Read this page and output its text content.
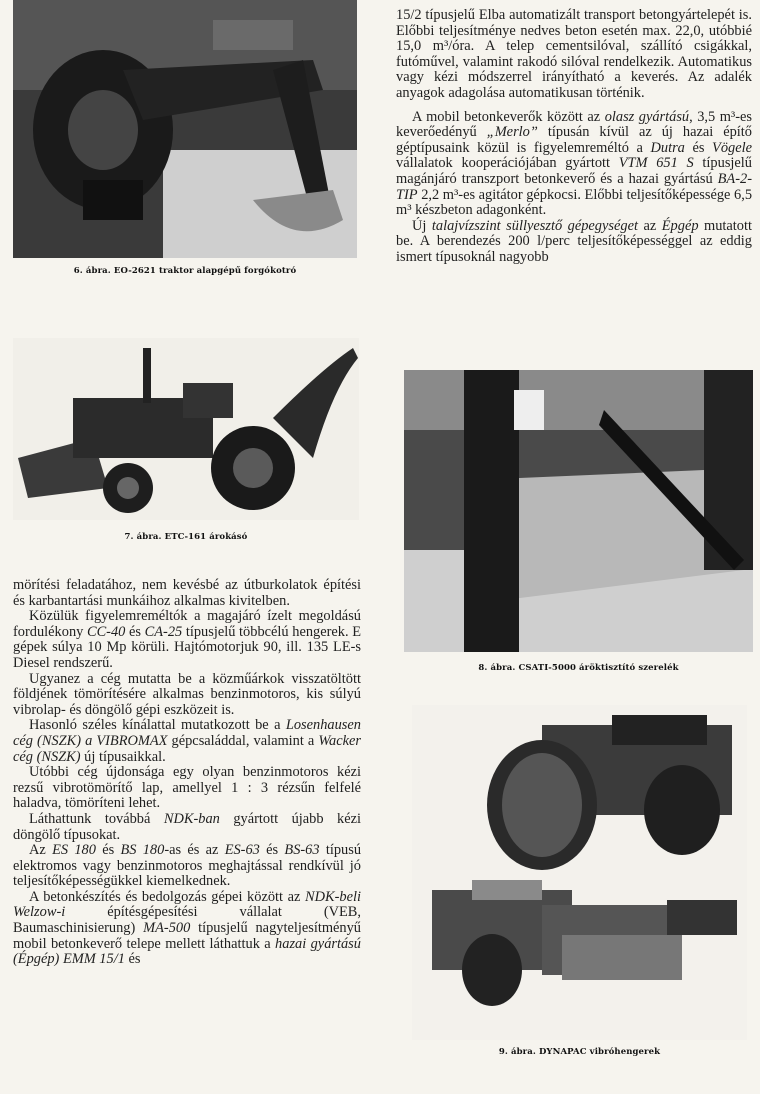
6. ábra. EO-2621 traktor alapgépű forgókotró
7. ábra. ETC-161 árokásó
8. ábra. CSATI-5000 áröktisztító szerelék
9. ábra. DYNAPAC vibróhengerek

15/2 típusjelű Elba automatizált transport betongyártelepét is. Előbbi teljesítménye nedves beton esetén max. 22,0, utóbbié 15,0 m³/óra. A telep cementsilóval, szállító csigákkal, futóművel, valamint rakodó silóval rendelkezik. Automatikus vagy kézi módszerrel irányítható a keverés. Az adalék anyagok adagolása automatikusan történik.

A mobil betonkeverők között az olasz gyártású, 3,5 m³-es keverőedényű „Merlo” típusán kívül az új hazai építő géptípusaink közül is figyelemreméltó a Dutra és Vögele vállalatok kooperációjában gyártott VTM 651 S típusjelű magánjáró transzport betonkeverő és a hazai gyártású BA-2-TIP 2,2 m³-es agitátor gépkocsi. Előbbi teljesítőképessége 6,5 m³ készbeton adagonként.

Új talajvízszint süllyesztő gépegységet az Épgép mutatott be. A berendezés 200 l/perc teljesítőképességgel az eddig ismert típusoknál nagyobb

mörítési feladatához, nem kevésbé az útburkolatok építési és karbantartási munkáihoz alkalmas kivitelben.

Közülük figyelemreméltók a magajáró ízelt megoldású fordulékony CC-40 és CA-25 típusjelű többcélú hengerek. E gépek súlya 10 Mp körüli. Hajtómotorjuk 90, ill. 135 LE-s Diesel rendszerű.

Ugyanez a cég mutatta be a közműárkok visszatöltött földjének tömörítésére alkalmas benzinmotoros, kis súlyú vibrolap- és döngölő gépi eszközeit is.

Hasonló széles kínálattal mutatkozott be a Losenhausen cég (NSZK) a VIBROMAX gépcsaláddal, valamint a Wacker cég (NSZK) új típusaikkal.

Utóbbi cég újdonsága egy olyan benzinmotoros kézi rezsű vibrotömörítő lap, amellyel 1 : 3 rézsűn felfelé haladva, tömöríteni lehet.

Láthattunk továbbá NDK-ban gyártott újabb kézi döngölő típusokat.

Az ES 180 és BS 180-as és az ES-63 és BS-63 típusú elektromos vagy benzinmotoros meghajtással rendkívül jó teljesítőképességükkel kiemelkednek.

A betonkészítés és bedolgozás gépei között az NDK-beli Welzow-i építésgépesítési vállalat (VEB, Baumaschinisierung) MA-500 típusjelű nagyteljesítményű mobil betonkeverő telepe mellett láthattuk a hazai gyártású (Épgép) EMM 15/1 és
